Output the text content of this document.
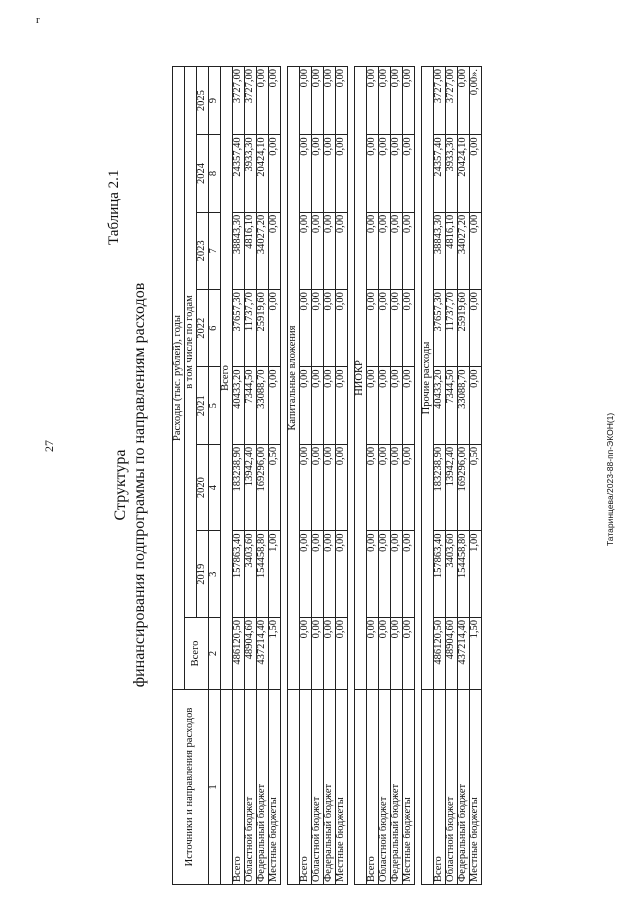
r
27	Татаринцева/2023-88-пп-ЭКОН(1)
Таблица 2.1
Структура финансирования подпрограммы по направлениям расходов
Источники и направления расходов	Расходы (тыс. рублей), годы							
	Всего	в том числе по годам						
		2019	2020	2021	2022	2023	2024	2025
1	2	3	4	5	6	7	8	9
	Всего							
Всего	486120,50	157863,40	183238,90	40433,20	37657,30	38843,30	24357,40	3727,00
Областной бюджет	48904,60	3403,60	13942,40	7344,50	11737,70	4816,10	3933,30	3727,00
Федеральный бюджет	437214,40	154458,80	169296,00	33088,70	25919,60	34027,20	20424,10	0,00
Местные бюджеты	1,50	1,00	0,50	0,00	0,00	0,00	0,00	0,00

	Капитальные вложения							
Всего	0,00	0,00	0,00	0,00	0,00	0,00	0,00	0,00
Областной бюджет	0,00	0,00	0,00	0,00	0,00	0,00	0,00	0,00
Федеральный бюджет	0,00	0,00	0,00	0,00	0,00	0,00	0,00	0,00
Местные бюджеты	0,00	0,00	0,00	0,00	0,00	0,00	0,00	0,00

	НИОКР							
Всего	0,00	0,00	0,00	0,00	0,00	0,00	0,00	0,00
Областной бюджет	0,00	0,00	0,00	0,00	0,00	0,00	0,00	0,00
Федеральный бюджет	0,00	0,00	0,00	0,00	0,00	0,00	0,00	0,00
Местные бюджеты	0,00	0,00	0,00	0,00	0,00	0,00	0,00	0,00

	Прочие расходы							
Всего	486120,50	157863,40	183238,90	40433,20	37657,30	38843,30	24357,40	3727,00
Областной бюджет	48904,60	3403,60	13942,40	7344,50	11737,70	4816,10	3933,30	3727,00
Федеральный бюджет	437214,40	154458,80	169296,00	33088,70	25919,60	34027,20	20424,10	0,00
Местные бюджеты	1,50	1,00	0,50	0,00	0,00	0,00	0,00	0,00».
